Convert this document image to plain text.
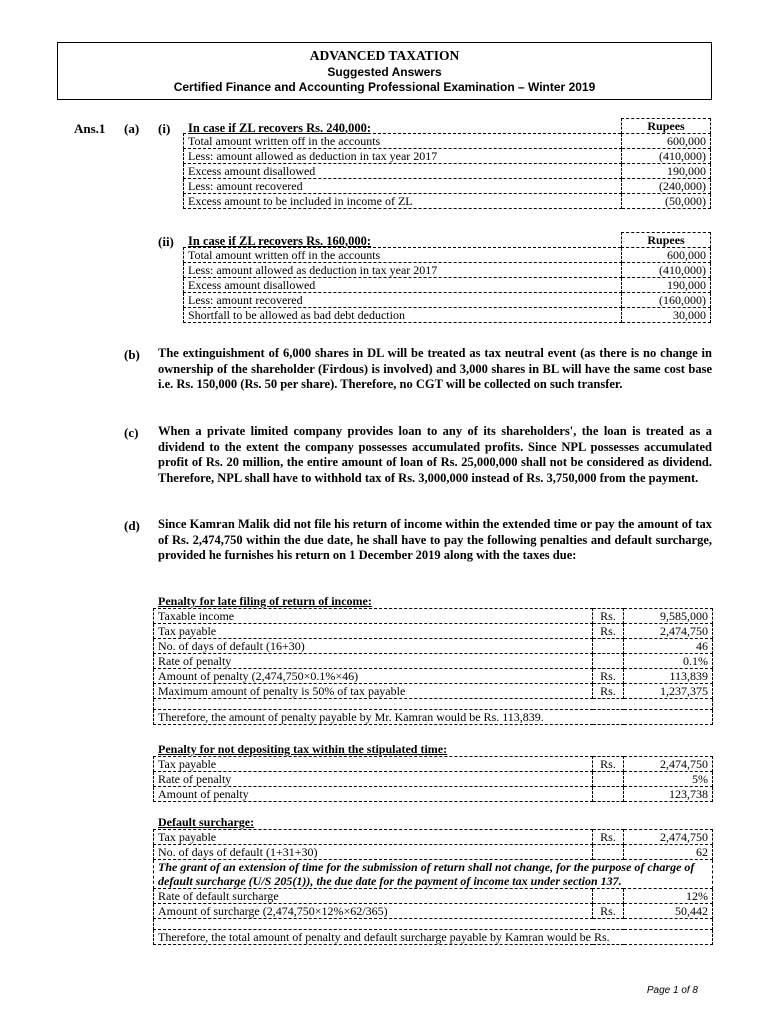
ADVANCED TAXATION
Suggested Answers
Certified Finance and Accounting Professional Examination – Winter 2019
Ans.1 (a) (i) In case if ZL recovers Rs. 240,000:
		Rupees
Total amount written off in the accounts	600,000
Less: amount allowed as deduction in tax year 2017	(410,000)
Excess amount disallowed	190,000
Less: amount recovered	(240,000)
Excess amount to be included in income of ZL	(50,000)
(ii) In case if ZL recovers Rs. 160,000:
		Rupees
Total amount written off in the accounts	600,000
Less: amount allowed as deduction in tax year 2017	(410,000)
Excess amount disallowed	190,000
Less: amount recovered	(160,000)
Shortfall to be allowed as bad debt deduction	30,000
(b) The extinguishment of 6,000 shares in DL will be treated as tax neutral event (as there is no change in ownership of the shareholder (Firdous) is involved) and 3,000 shares in BL will have the same cost base i.e. Rs. 150,000 (Rs. 50 per share). Therefore, no CGT will be collected on such transfer.
(c) When a private limited company provides loan to any of its shareholders', the loan is treated as a dividend to the extent the company possesses accumulated profits. Since NPL possesses accumulated profit of Rs. 20 million, the entire amount of loan of Rs. 25,000,000 shall not be considered as dividend. Therefore, NPL shall have to withhold tax of Rs. 3,000,000 instead of Rs. 3,750,000 from the payment.
(d) Since Kamran Malik did not file his return of income within the extended time or pay the amount of tax of Rs. 2,474,750 within the due date, he shall have to pay the following penalties and default surcharge, provided he furnishes his return on 1 December 2019 along with the taxes due:
Penalty for late filing of return of income:
Taxable income	Rs.	9,585,000
Tax payable	Rs.	2,474,750
No. of days of default (16+30)		46
Rate of penalty		0.1%
Amount of penalty (2,474,750×0.1%×46)	Rs.	113,839
Maximum amount of penalty is 50% of tax payable	Rs.	1,237,375

Therefore, the amount of penalty payable by Mr. Kamran would be Rs. 113,839.		
Penalty for not depositing tax within the stipulated time:
Tax payable	Rs.	2,474,750
Rate of penalty		5%
Amount of penalty		123,738
Default surcharge:
Tax payable	Rs.	2,474,750
No. of days of default (1+31+30)		62
The grant of an extension of time for the submission of return shall not change, for the purpose of charge of default surcharge (U/S 205(1)), the due date for the payment of income tax under section 137.		
Rate of default surcharge		12%
Amount of surcharge (2,474,750×12%×62/365)	Rs.	50,442

Therefore, the total amount of penalty and default surcharge payable by Kamran would be Rs.		
Page 1 of 8
